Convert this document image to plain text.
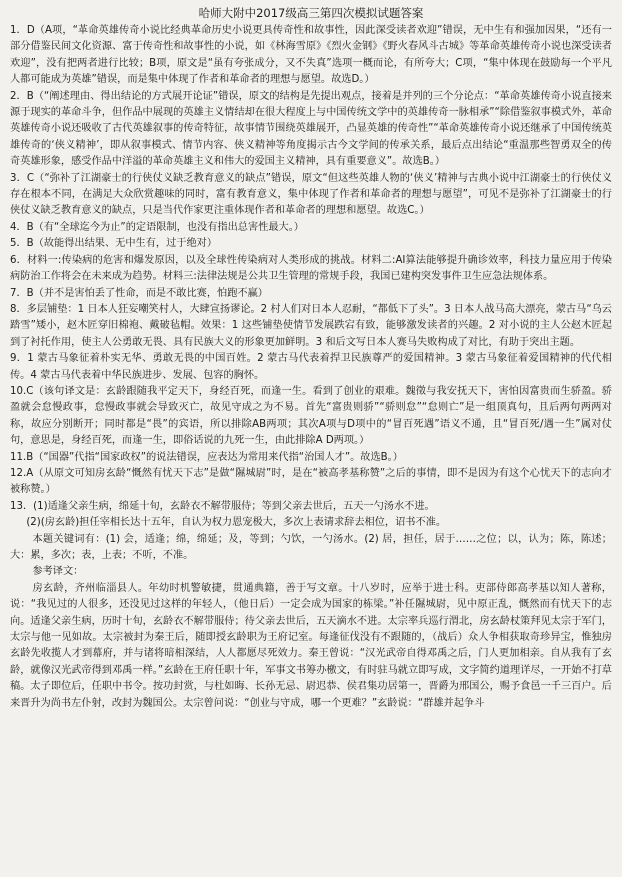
哈师大附中2017级高三第四次模拟试题答案

1．D（A项，“革命英雄传奇小说比经典革命历史小说更具传奇性和故事性，因此深受读者欢迎”错误，无中生有和强加因果，“还有一部分借鉴民间文化资源、富于传奇性和故事性的小说，如《林海雪原》《烈火金钢》《野火春风斗古城》等革命英雄传奇小说也深受读者欢迎”，没有把两者进行比较；B项，原文是“虽有夸张成分，又不失真”选项一概而论，有所夸大；C项，“集中体现在鼓励每一个平凡人都可能成为英雄”错误，而是集中体现了作者和革命者的理想与愿望。故选D。）

2．B（“阐述理由、得出结论的方式展开论证”错误，原文的结构是先提出观点，接着是并列的三个分论点：“革命英雄传奇小说直接来源于现实的革命斗争，但作品中展现的英雄主义情结却在很大程度上与中国传统文学中的英雄传奇一脉相承”“除借鉴叙事模式外，革命英雄传奇小说还吸收了古代英雄叙事的传奇特征，故事情节围绕英雄展开，凸显英雄的传奇性”“革命英雄传奇小说还继承了中国传统英雄传奇的‘侠义精神’，即从叙事模式、情节内容、侠义精神等角度揭示古今文学间的传承关系，最后点出结论“重温那些智勇双全的传奇英雄形象，感受作品中洋溢的革命英雄主义和伟大的爱国主义精神，具有重要意义”。故选B。）

3．C（“弥补了江湖豪士的行侠仗义缺乏教育意义的缺点”错误，原文“但这些英雄人物的‘侠义’精神与古典小说中江湖豪士的行侠仗义存在根本不同，在满足大众欣赏趣味的同时，富有教育意义，集中体现了作者和革命者的理想与愿望”，可见不是弥补了江湖豪士的行侠仗义缺乏教育意义的缺点，只是当代作家更注重体现作者和革命者的理想和愿望。故选C。）

4．B（有“全球迄今为止”的定语限制，也没有指出总害性最大。）

5．B（故能得出结果、无中生有，过于绝对）

6．材料一:传染病的危害和爆发原因，以及全球性传染病对人类形成的挑战。材料二:AI算法能够提升确诊效率，科技力量应用于传染病防治工作将会在未来成为趋势。材料三:法律法规是公共卫生管理的常规手段，我国已建构突发事件卫生应急法规体系。

7．B（并不是害怕丢了性命，而是不敢比赛，怕跑不赢）

8．多层铺垫：1 日本人狂妄嘲笑村人，大肆宣扬谬论。2 村人们对日本人忍耐，“都低下了头”。3 日本人战马高大漂亮，蒙古马“乌云踏雪”矮小，赵木匠穿旧棉袍、戴破毡帽。效果：1 这些铺垫使情节发展跌宕有致，能够激发读者的兴趣。2 对小说的主人公赵木匠起到了衬托作用，使主人公勇敢无畏、具有民族大义的形象更加鲜明。3 和后文写日本人赛马失败构成了对比，有助于突出主题。

9．1 蒙古马象征着朴实无华、勇敢无畏的中国百姓。2 蒙古马代表着捍卫民族尊严的爱国精神。3 蒙古马象征着爱国精神的代代相传。4 蒙古马代表着中华民族进步、发展、包容的胸怀。

10.C（该句译文是：玄龄跟随我平定天下，身经百死，而逢一生。看到了创业的艰难。魏徵与我安抚天下，害怕因富贵而生骄盈。骄盈就会怠慢政事，怠慢政事就会导致灭亡，故见守成之为不易。首先“富贵则骄”“骄则怠”“怠则亡”是一组顶真句，且后两句两两对称，故应分别断开；同时都是“畏”的宾语，所以排除AB两项；其次A项与D项中的“冒百死遇”语义不通，且“冒百死/遇一生”属对仗句，意思是，身经百死，而逢一生，即俗话说的九死一生，由此排除A D两项。）

11.B（“国器”代指“国家政权”的说法错误，应表达为常用来代指“治国人才”。故选B。）

12.A（从原文可知房玄龄“慨然有忧天下志”是做“隰城尉”时，是在“被高孝基称赞”之后的事情，即不是因为有这个心忧天下的志向才被称赞。）

13．(1)适逢父亲生病，绵延十旬，玄龄衣不解带服侍；等到父亲去世后，五天一勺汤水不进。

(2)(房玄龄)担任宰相长达十五年，自认为权力恩宠极大，多次上表请求辞去相位，诏书不准。

本题关键词有：(1) 会，适逢；绵，绵延；及，等到；勺饮，一勺汤水。(2) 居，担任，居于……之位；以，认为；陈，陈述；大：累，多次；表，上表；不听，不准。

参考译文：

房玄龄，齐州临淄县人。年幼时机警敏捷，贯通典籍，善于写文章。十八岁时，应举于进士科。吏部侍郎高孝基以知人著称，说：“我见过的人很多，还没见过这样的年轻人，（他日后）一定会成为国家的栋梁。”补任隰城尉，见中原正乱，慨然而有忧天下的志向。适逢父亲生病，历时十旬，玄龄衣不解带服侍；待父亲去世后，五天滴水不进。太宗率兵巡行渭北，房玄龄杖策拜见太宗于军门，太宗与他一见如故。太宗被封为秦王后，随即授玄龄职为王府记室。每逢征伐没有不跟随的，（战后）众人争相获取奇珍异宝，惟独房玄龄先收揽人才到幕府，并与诸将暗相深结，人人都愿尽死效力。秦王曾说：“汉光武帝自得邓禹之后，门人更加相亲。自从我有了玄龄，就像汉光武帝得到邓禹一样。”玄龄在王府任职十年，军事文书筹办檄文，有时驻马就立即写成，文字简约道理详尽，一开始不打草稿。太子即位后，任职中书令。按功封赏，与杜如晦、长孙无忌、尉迟恭、侯君集功居第一，晋爵为邢国公，赐予食邑一千三百户。后来晋升为尚书左仆射，改封为魏国公。太宗曾问说：“创业与守成，哪一个更难？”玄龄说：“群雄并起争斗
